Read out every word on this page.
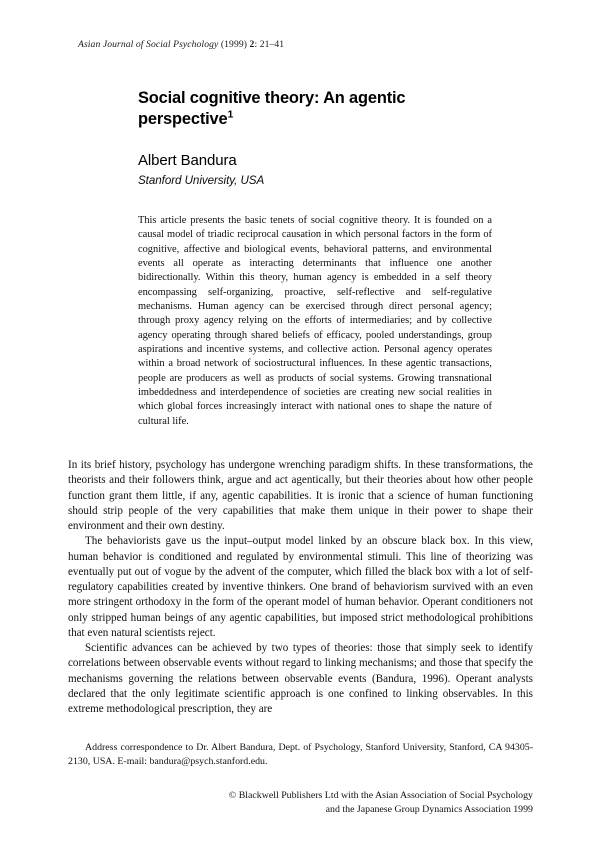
Asian Journal of Social Psychology (1999) 2: 21–41
Social cognitive theory: An agentic perspective$^1$
Albert Bandura
Stanford University, USA
This article presents the basic tenets of social cognitive theory. It is founded on a causal model of triadic reciprocal causation in which personal factors in the form of cognitive, affective and biological events, behavioral patterns, and environmental events all operate as interacting determinants that influence one another bidirectionally. Within this theory, human agency is embedded in a self theory encompassing self-organizing, proactive, self-reflective and self-regulative mechanisms. Human agency can be exercised through direct personal agency; through proxy agency relying on the efforts of intermediaries; and by collective agency operating through shared beliefs of efficacy, pooled understandings, group aspirations and incentive systems, and collective action. Personal agency operates within a broad network of sociostructural influences. In these agentic transactions, people are producers as well as products of social systems. Growing transnational imbeddedness and interdependence of societies are creating new social realities in which global forces increasingly interact with national ones to shape the nature of cultural life.

In its brief history, psychology has undergone wrenching paradigm shifts. In these transformations, the theorists and their followers think, argue and act agentically, but their theories about how other people function grant them little, if any, agentic capabilities. It is ironic that a science of human functioning should strip people of the very capabilities that make them unique in their power to shape their environment and their own destiny.

The behaviorists gave us the input–output model linked by an obscure black box. In this view, human behavior is conditioned and regulated by environmental stimuli. This line of theorizing was eventually put out of vogue by the advent of the computer, which filled the black box with a lot of self-regulatory capabilities created by inventive thinkers. One brand of behaviorism survived with an even more stringent orthodoxy in the form of the operant model of human behavior. Operant conditioners not only stripped human beings of any agentic capabilities, but imposed strict methodological prohibitions that even natural scientists reject.

Scientific advances can be achieved by two types of theories: those that simply seek to identify correlations between observable events without regard to linking mechanisms; and those that specify the mechanisms governing the relations between observable events (Bandura, 1996). Operant analysts declared that the only legitimate scientific approach is one confined to linking observables. In this extreme methodological prescription, they are

Address correspondence to Dr. Albert Bandura, Dept. of Psychology, Stanford University, Stanford, CA 94305-2130, USA. E-mail: bandura@psych.stanford.edu.
© Blackwell Publishers Ltd with the Asian Association of Social Psychology
and the Japanese Group Dynamics Association 1999
